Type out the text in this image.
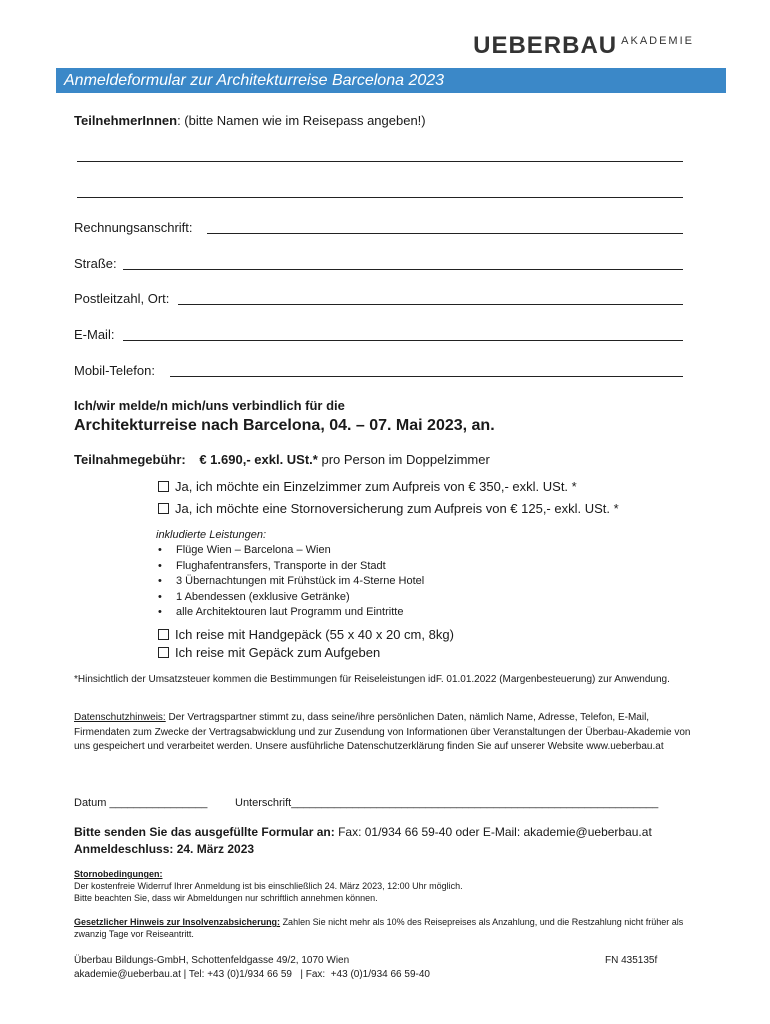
UEBERBAU AKADEMIE
Anmeldeformular zur Architekturreise Barcelona 2023
TeilnehmerInnen: (bitte Namen wie im Reisepass angeben!)
Rechnungsanschrift:
Straße:
Postleitzahl, Ort:
E-Mail:
Mobil-Telefon:
Ich/wir melde/n mich/uns verbindlich für die
Architekturreise nach Barcelona, 04. – 07. Mai 2023, an.
Teilnahmegebühr: € 1.690,- exkl. USt.* pro Person im Doppelzimmer
Ja, ich möchte ein Einzelzimmer zum Aufpreis von € 350,- exkl. USt. *
Ja, ich möchte eine Stornoversicherung zum Aufpreis von € 125,- exkl. USt. *
inkludierte Leistungen:
• Flüge Wien – Barcelona – Wien
• Flughafentransfers, Transporte in der Stadt
• 3 Übernachtungen mit Frühstück im 4-Sterne Hotel
• 1 Abendessen (exklusive Getränke)
• alle Architektouren laut Programm und Eintritte
Ich reise mit Handgepäck (55 x 40 x 20 cm, 8kg)
Ich reise mit Gepäck zum Aufgeben
*Hinsichtlich der Umsatzsteuer kommen die Bestimmungen für Reiseleistungen idF. 01.01.2022 (Margenbesteuerung) zur Anwendung.
Datenschutzhinweis: Der Vertragspartner stimmt zu, dass seine/ihre persönlichen Daten, nämlich Name, Adresse, Telefon, E-Mail, Firmendaten zum Zwecke der Vertragsabwicklung und zur Zusendung von Informationen über Veranstaltungen der Überbau-Akademie von uns gespeichert und verarbeitet werden. Unsere ausführliche Datenschutzerklärung finden Sie auf unserer Website www.ueberbau.at
Datum ________________	Unterschrift____________________________________________________________
Bitte senden Sie das ausgefüllte Formular an: Fax: 01/934 66 59-40 oder E-Mail: akademie@ueberbau.at
Anmeldeschluss: 24. März 2023
Stornobedingungen:
Der kostenfreie Widerruf Ihrer Anmeldung ist bis einschließlich 24. März 2023, 12:00 Uhr möglich.
Bitte beachten Sie, dass wir Abmeldungen nur schriftlich annehmen können.
Gesetzlicher Hinweis zur Insolvenzabsicherung: Zahlen Sie nicht mehr als 10% des Reisepreises als Anzahlung, und die Restzahlung nicht früher als zwanzig Tage vor Reiseantritt.
Überbau Bildungs-GmbH, Schottenfeldgasse 49/2, 1070 Wien
akademie@ueberbau.at | Tel: +43 (0)1/934 66 59   | Fax:  +43 (0)1/934 66 59-40
FN 435135f
